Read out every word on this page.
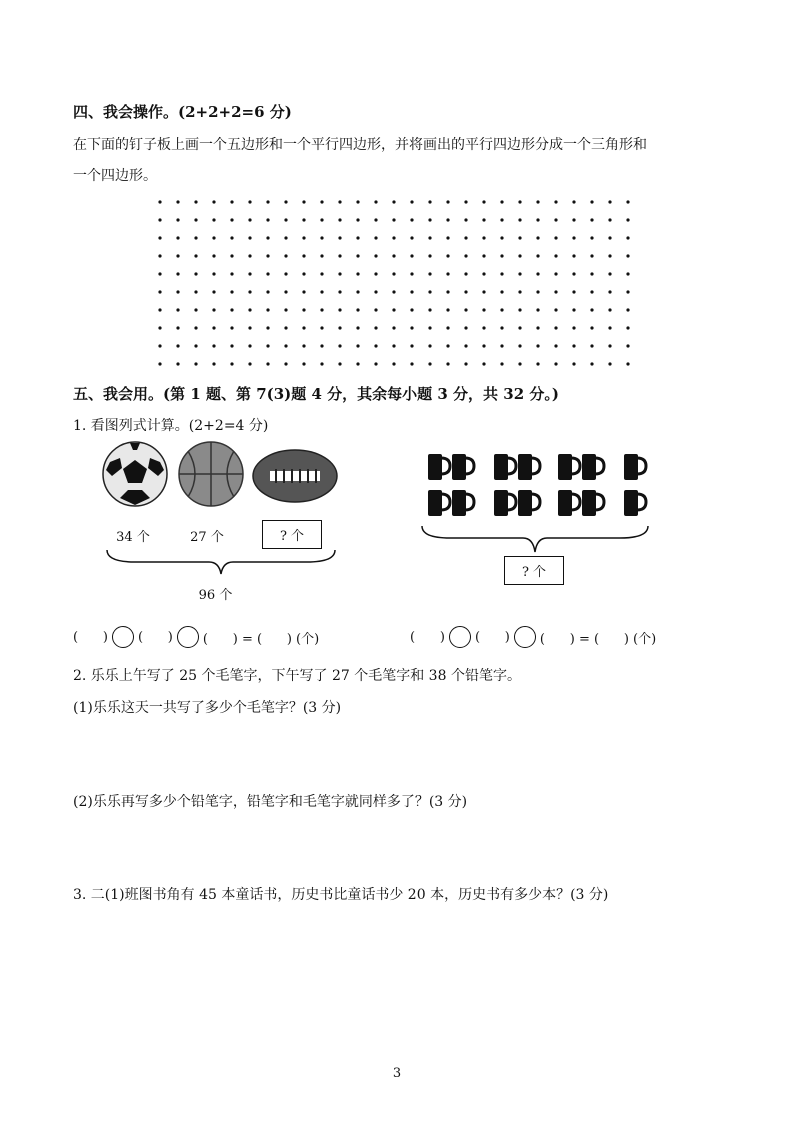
四、我会操作。(2+2+2=6 分)
在下面的钉子板上画一个五边形和一个平行四边形，并将画出的平行四边形分成一个三角形和
一个四边形。
五、我会用。(第 1 题、第 7(3)题 4 分，其余每小题 3 分，共 32 分。)
1. 看图列式计算。(2+2=4 分)
34 个	27 个	? 个
96 个
? 个
(      ) (      ) (      ) = (      ) (个)	(      ) (      ) (      ) = (      ) (个)
2. 乐乐上午写了 25 个毛笔字，下午写了 27 个毛笔字和 38 个铅笔字。
(1)乐乐这天一共写了多少个毛笔字？(3 分)
(2)乐乐再写多少个铅笔字，铅笔字和毛笔字就同样多了？(3 分)
3. 二(1)班图书角有 45 本童话书，历史书比童话书少 20 本，历史书有多少本？(3 分)
3
